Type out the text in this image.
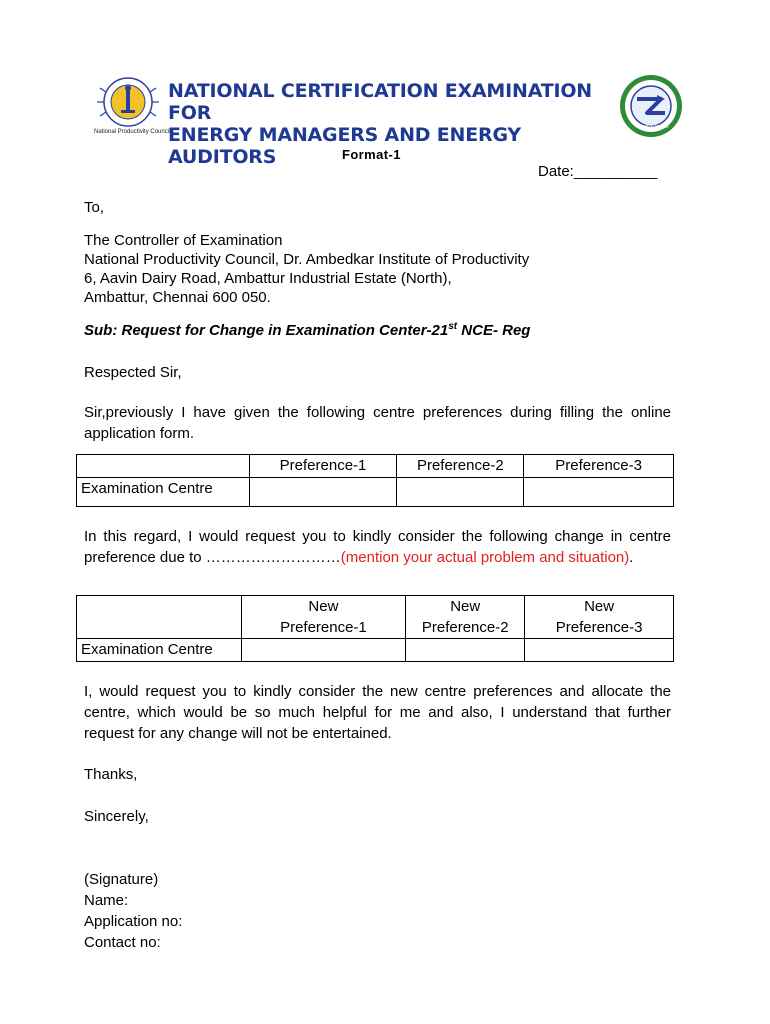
National Productivity Council
NATIONAL CERTIFICATION EXAMINATION FOR
ENERGY MANAGERS AND ENERGY AUDITORS
Switch to Life
Format-1
Date:__________
To,
The Controller of Examination
National Productivity Council, Dr. Ambedkar Institute of Productivity
6, Aavin Dairy Road, Ambattur Industrial Estate (North),
Ambattur, Chennai 600 050.
Sub: Request for Change in Examination Center-21st NCE- Reg
Respected Sir,
Sir,previously I have given the following centre preferences during filling the online application form.
	Preference-1	Preference-2	Preference-3
Examination Centre			
In this regard, I would request you to kindly consider the following change in centre preference due to ………………………(mention your actual problem and situation).

	New Preference-1	New Preference-2	New Preference-3

Examination Centre			
I, would request you to kindly consider the new centre preferences and allocate the centre, which would be so much helpful for me and also, I understand that further request for any change will not be entertained.
Thanks,
Sincerely,
(Signature)
Name:
Application no:
Contact no:
